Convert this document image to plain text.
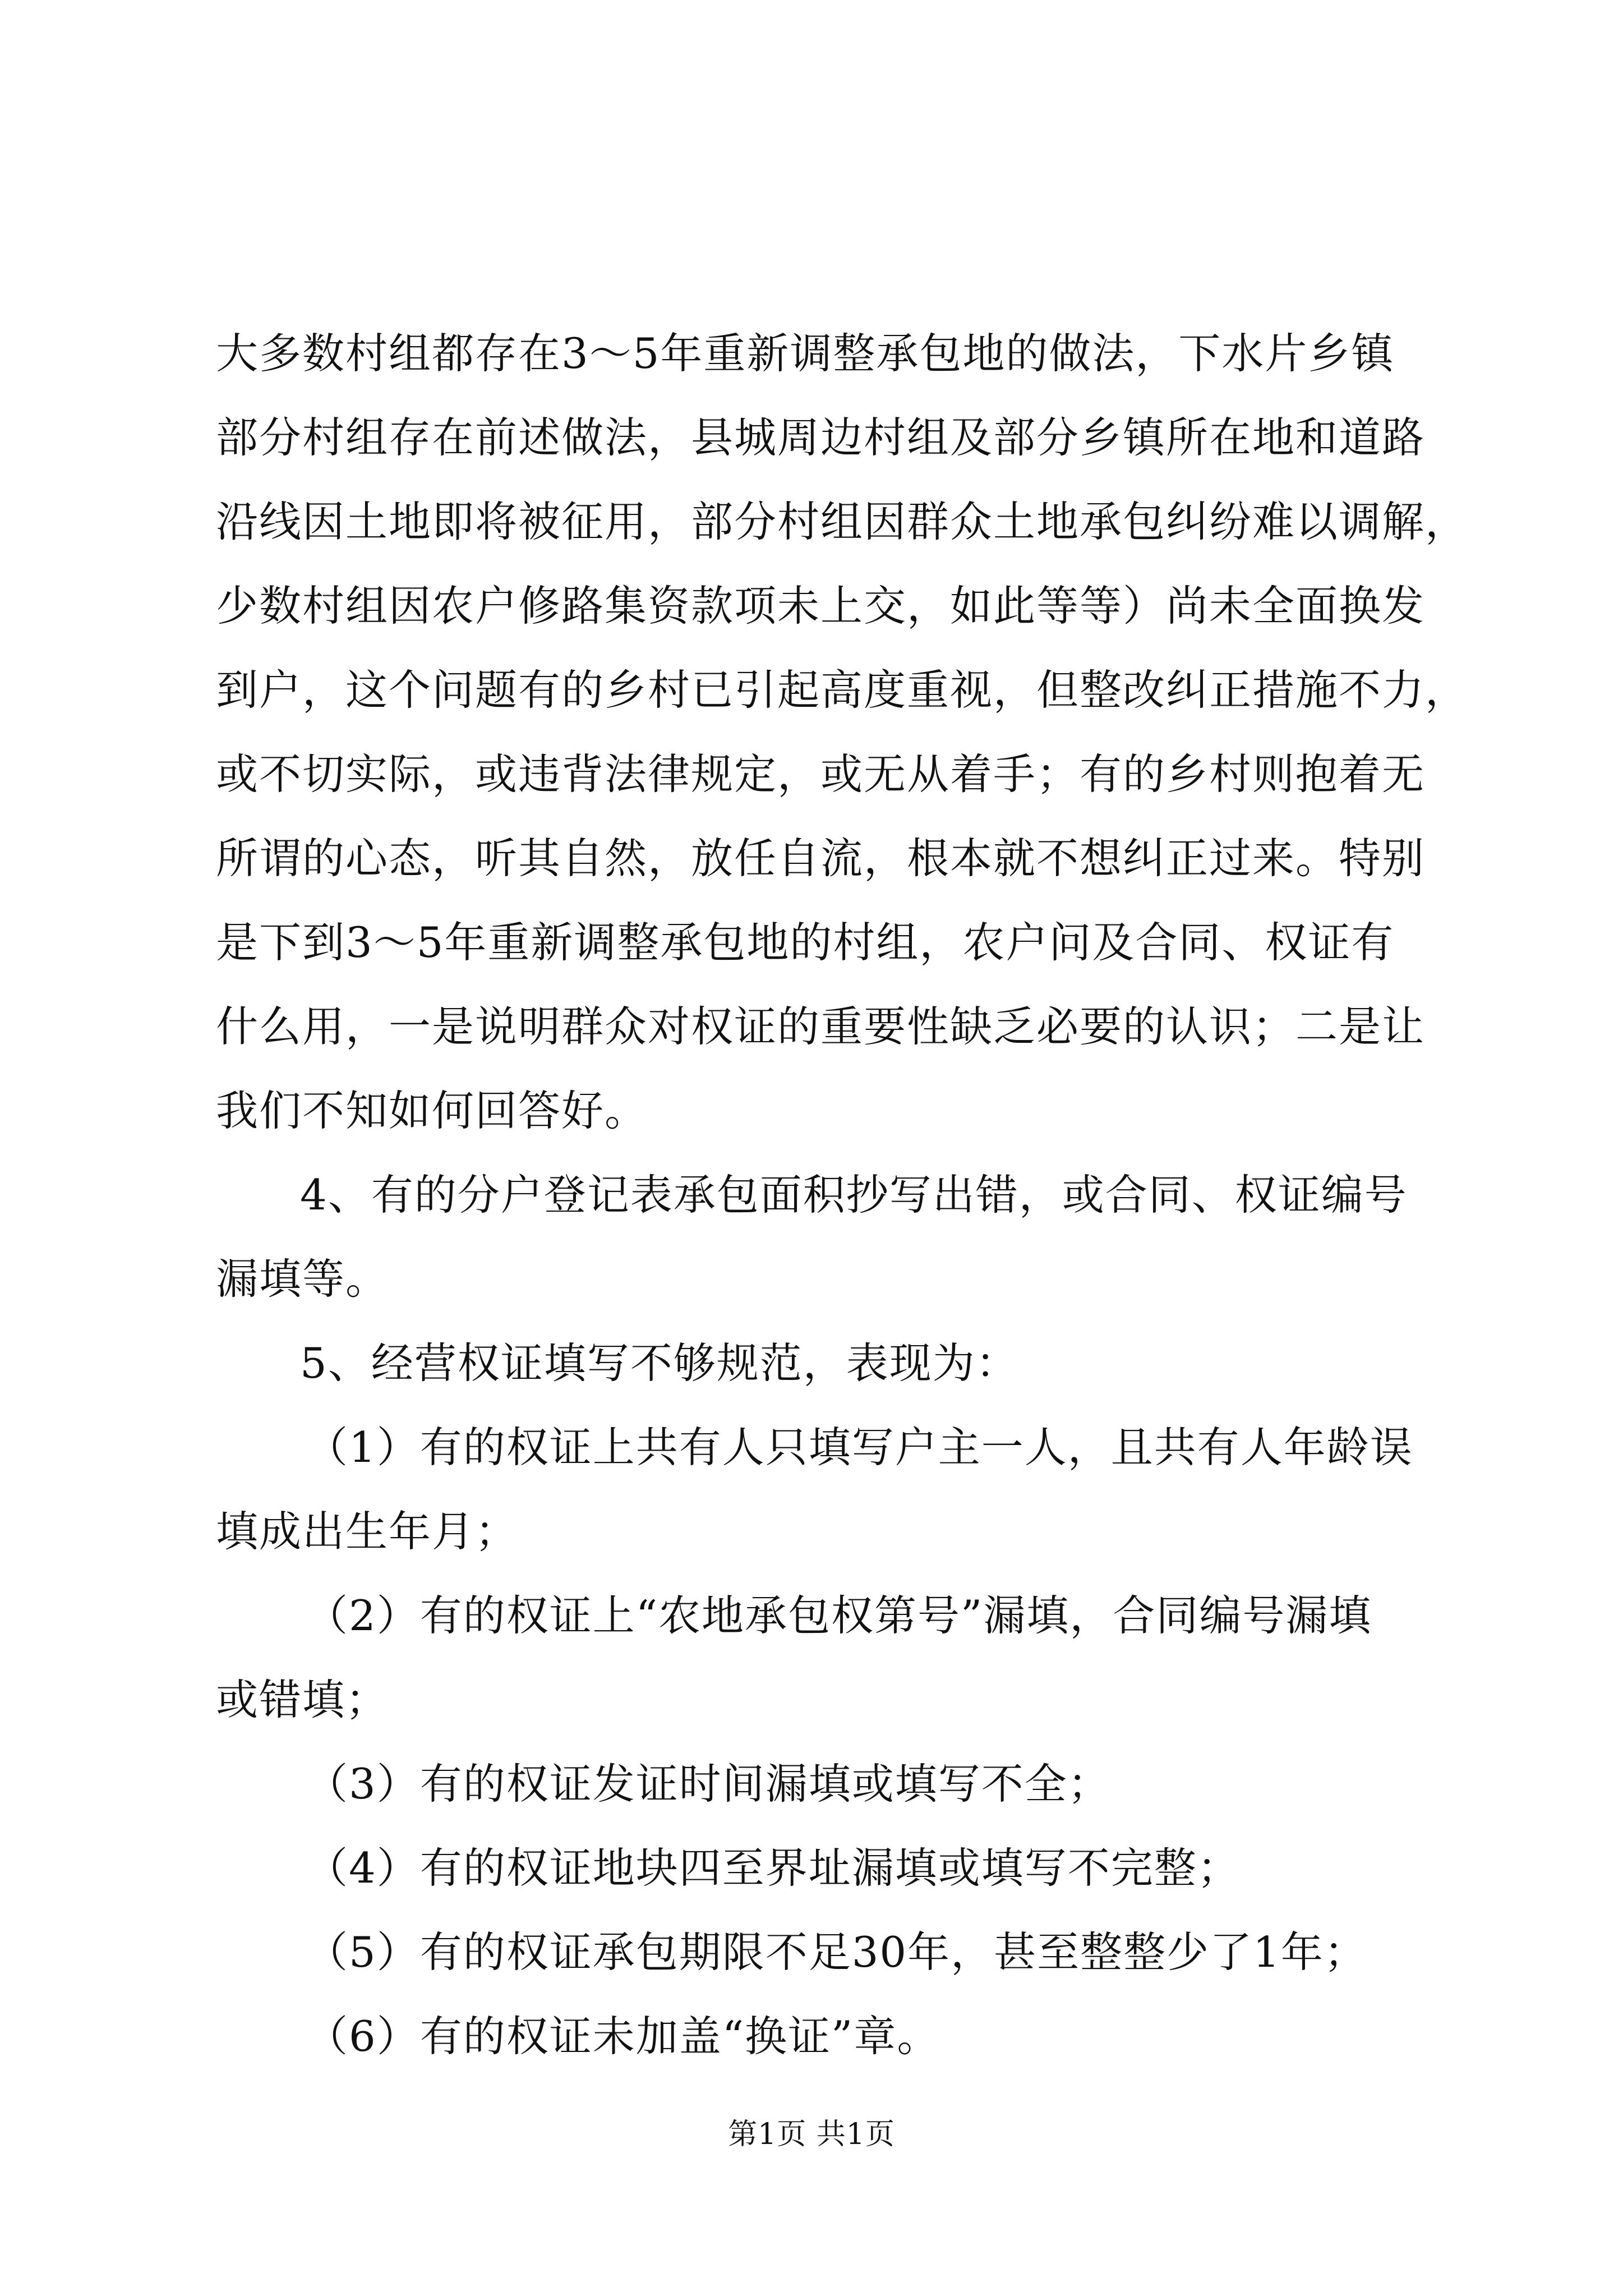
大多数村组都存在3～5年重新调整承包地的做法，下水片乡镇
部分村组存在前述做法，县城周边村组及部分乡镇所在地和道路
沿线因土地即将被征用，部分村组因群众土地承包纠纷难以调解，
少数村组因农户修路集资款项未上交，如此等等）尚未全面换发
到户，这个问题有的乡村已引起高度重视，但整改纠正措施不力，
或不切实际，或违背法律规定，或无从着手；有的乡村则抱着无
所谓的心态，听其自然，放任自流，根本就不想纠正过来。特别
是下到3～5年重新调整承包地的村组，农户问及合同、权证有
什么用，一是说明群众对权证的重要性缺乏必要的认识；二是让
我们不知如何回答好。
4、有的分户登记表承包面积抄写出错，或合同、权证编号
漏填等。
5、经营权证填写不够规范，表现为：
（1）有的权证上共有人只填写户主一人，且共有人年龄误
填成出生年月；
（2）有的权证上“农地承包权第号”漏填，合同编号漏填
或错填；
（3）有的权证发证时间漏填或填写不全；
（4）有的权证地块四至界址漏填或填写不完整；
（5）有的权证承包期限不足30年，甚至整整少了1年；
（6）有的权证未加盖“换证”章。
第1页 共1页
